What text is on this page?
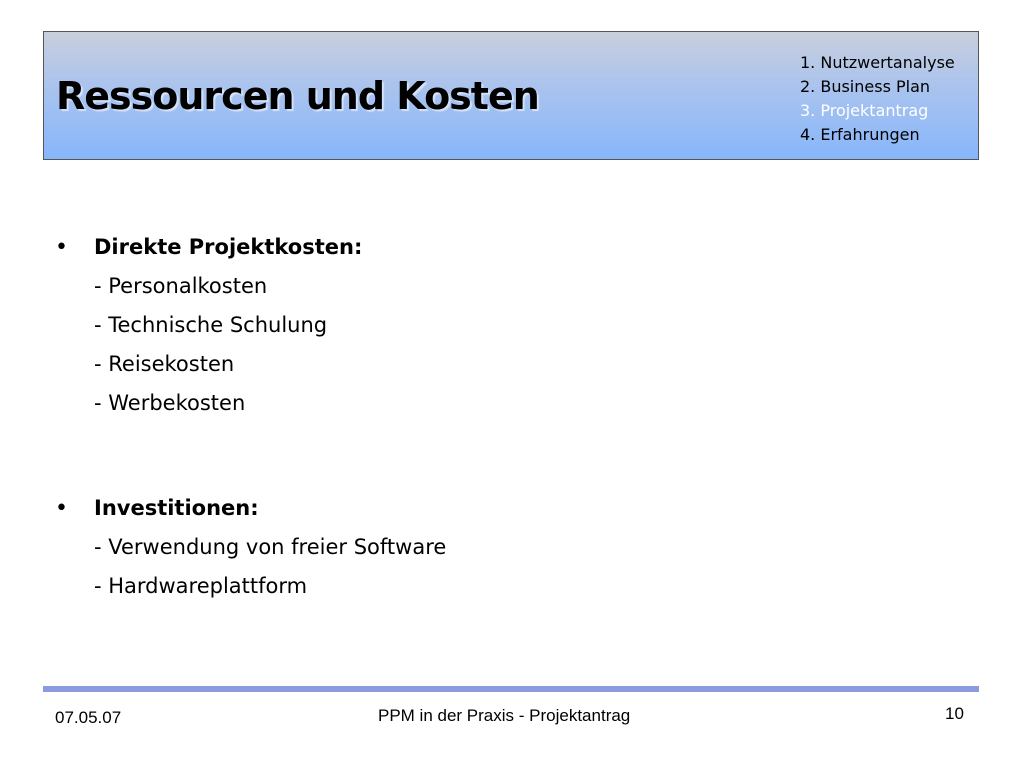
Ressourcen und Kosten
1. Nutzwertanalyse
2. Business Plan
3. Projektantrag
4. Erfahrungen
• Direkte Projektkosten:
- Personalkosten
- Technische Schulung
- Reisekosten
- Werbekosten
• Investitionen:
- Verwendung von freier Software
- Hardwareplattform
07.05.07	PPM in der Praxis - Projektantrag	10
